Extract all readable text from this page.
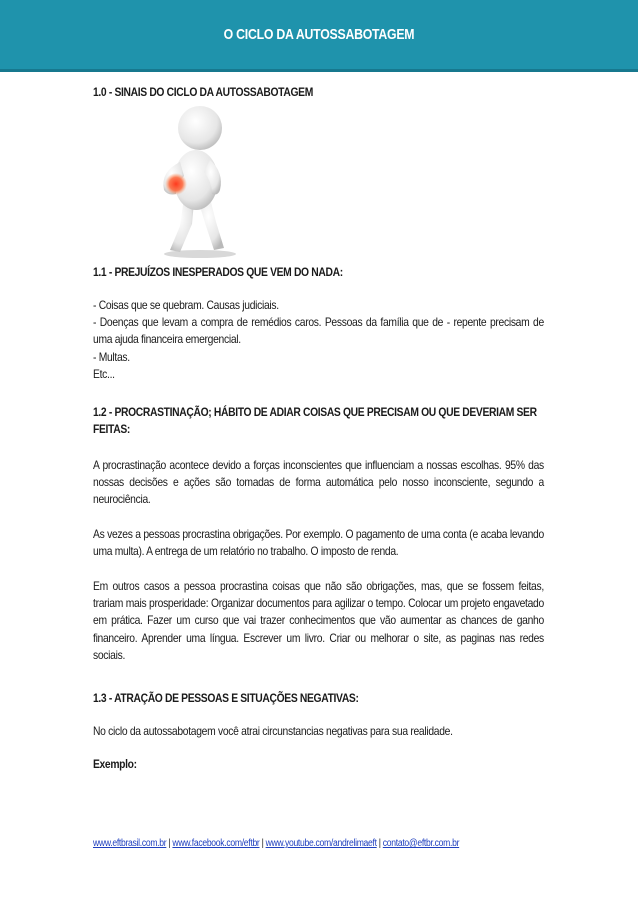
O CICLO DA AUTOSSABOTAGEM
1.0 - SINAIS DO CICLO DA AUTOSSABOTAGEM
1.1 - PREJUÍZOS INESPERADOS QUE VEM DO NADA:
- Coisas que se quebram. Causas judiciais.
- Doenças que levam a compra de remédios caros. Pessoas da família que de - repente precisam de uma ajuda financeira emergencial.
- Multas.
Etc...
1.2 - PROCRASTINAÇÃO; HÁBITO DE ADIAR COISAS QUE PRECISAM OU QUE DEVERIAM SER FEITAS:
A procrastinação acontece devido a forças inconscientes que influenciam a nossas escolhas. 95% das nossas decisões e ações são tomadas de forma automática pelo nosso inconsciente, segundo a neurociência.
As vezes a pessoas procrastina obrigações. Por exemplo. O pagamento de uma conta (e acaba levando uma multa). A entrega de um relatório no trabalho. O imposto de renda.
Em outros casos a pessoa procrastina coisas que não são obrigações, mas, que se fossem feitas, trariam mais prosperidade: Organizar documentos para agilizar o tempo. Colocar um projeto engavetado em prática. Fazer um curso que vai trazer conhecimentos que vão aumentar as chances de ganho financeiro. Aprender uma língua. Escrever um livro. Criar ou melhorar o site, as paginas nas redes sociais.
1.3 - ATRAÇÃO DE PESSOAS E SITUAÇÕES NEGATIVAS:
No ciclo da autossabotagem você atrai circunstancias negativas para sua realidade.
Exemplo:
www.eftbrasil.com.br | www.facebook.com/eftbr | www.youtube.com/andrelimaeft | contato@eftbr.com.br
